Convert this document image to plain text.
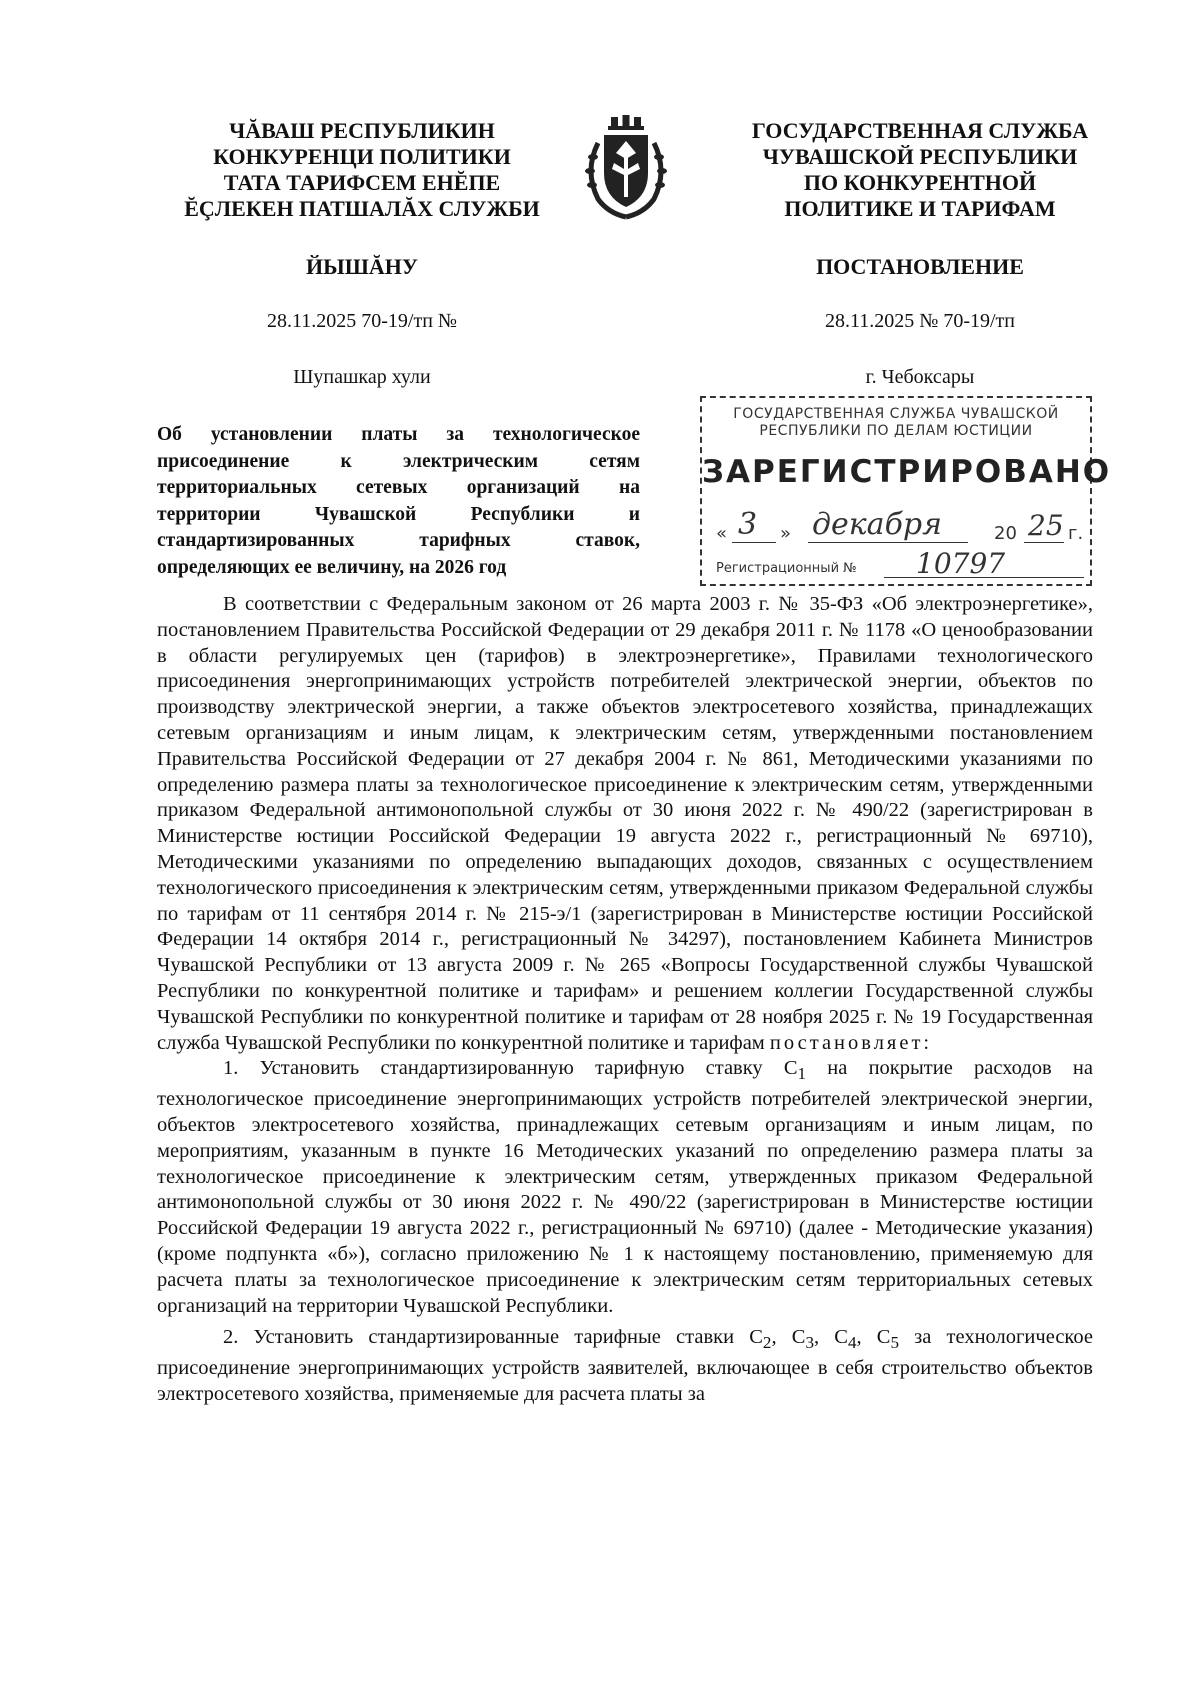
ЧĂВАШ РЕСПУБЛИКИН
КОНКУРЕНЦИ ПОЛИТИКИ
ТАТА ТАРИФСЕМ ЕНĔПЕ
ĔÇЛЕКЕН ПАТШАЛĂХ СЛУЖБИ
ГОСУДАРСТВЕННАЯ СЛУЖБА
ЧУВАШСКОЙ РЕСПУБЛИКИ
ПО КОНКУРЕНТНОЙ
ПОЛИТИКЕ И ТАРИФАМ
ЙЫШĂНУ	ПОСТАНОВЛЕНИЕ
28.11.2025 70-19/тп №	28.11.2025 № 70-19/тп
Шупашкар хули	г. Чебоксары
Об установлении платы за технологическое присоединение к электрическим сетям территориальных сетевых организаций на территории Чувашской Республики и стандартизированных тарифных ставок, определяющих ее величину, на 2026 год
ГОСУДАРСТВЕННАЯ СЛУЖБА ЧУВАШСКОЙ
РЕСПУБЛИКИ ПО ДЕЛАМ ЮСТИЦИИ
ЗАРЕГИСТРИРОВАНО
« 3 » декабря	20 25 г.
Регистрационный № 10797

В соответствии с Федеральным законом от 26 марта 2003 г. № 35-ФЗ «Об электроэнергетике», постановлением Правительства Российской Федерации от 29 декабря 2011 г. № 1178 «О ценообразовании в области регулируемых цен (тарифов) в электроэнергетике», Правилами технологического присоединения энергопринимающих устройств потребителей электрической энергии, объектов по производству электрической энергии, а также объектов электросетевого хозяйства, принадлежащих сетевым организациям и иным лицам, к электрическим сетям, утвержденными постановлением Правительства Российской Федерации от 27 декабря 2004 г. № 861, Методическими указаниями по определению размера платы за технологическое присоединение к электрическим сетям, утвержденными приказом Федеральной антимонопольной службы от 30 июня 2022 г. № 490/22 (зарегистрирован в Министерстве юстиции Российской Федерации 19 августа 2022 г., регистрационный № 69710), Методическими указаниями по определению выпадающих доходов, связанных с осуществлением технологического присоединения к электрическим сетям, утвержденными приказом Федеральной службы по тарифам от 11 сентября 2014 г. № 215-э/1 (зарегистрирован в Министерстве юстиции Российской Федерации 14 октября 2014 г., регистрационный № 34297), постановлением Кабинета Министров Чувашской Республики от 13 августа 2009 г. № 265 «Вопросы Государственной службы Чувашской Республики по конкурентной политике и тарифам» и решением коллегии Государственной службы Чувашской Республики по конкурентной политике и тарифам от 28 ноября 2025 г. № 19 Государственная служба Чувашской Республики по конкурентной политике и тарифам постановляет:

1. Установить стандартизированную тарифную ставку $С_1$ на покрытие расходов на технологическое присоединение энергопринимающих устройств потребителей электрической энергии, объектов электросетевого хозяйства, принадлежащих сетевым организациям и иным лицам, по мероприятиям, указанным в пункте 16 Методических указаний по определению размера платы за технологическое присоединение к электрическим сетям, утвержденных приказом Федеральной антимонопольной службы от 30 июня 2022 г. № 490/22 (зарегистрирован в Министерстве юстиции Российской Федерации 19 августа 2022 г., регистрационный № 69710) (далее - Методические указания) (кроме подпункта «б»), согласно приложению № 1 к настоящему постановлению, применяемую для расчета платы за технологическое присоединение к электрическим сетям территориальных сетевых организаций на территории Чувашской Республики.

2. Установить стандартизированные тарифные ставки $С_2$, $С_3$, $С_4$, $С_5$ за технологическое присоединение энергопринимающих устройств заявителей, включающее в себя строительство объектов электросетевого хозяйства, применяемые для расчета платы за
